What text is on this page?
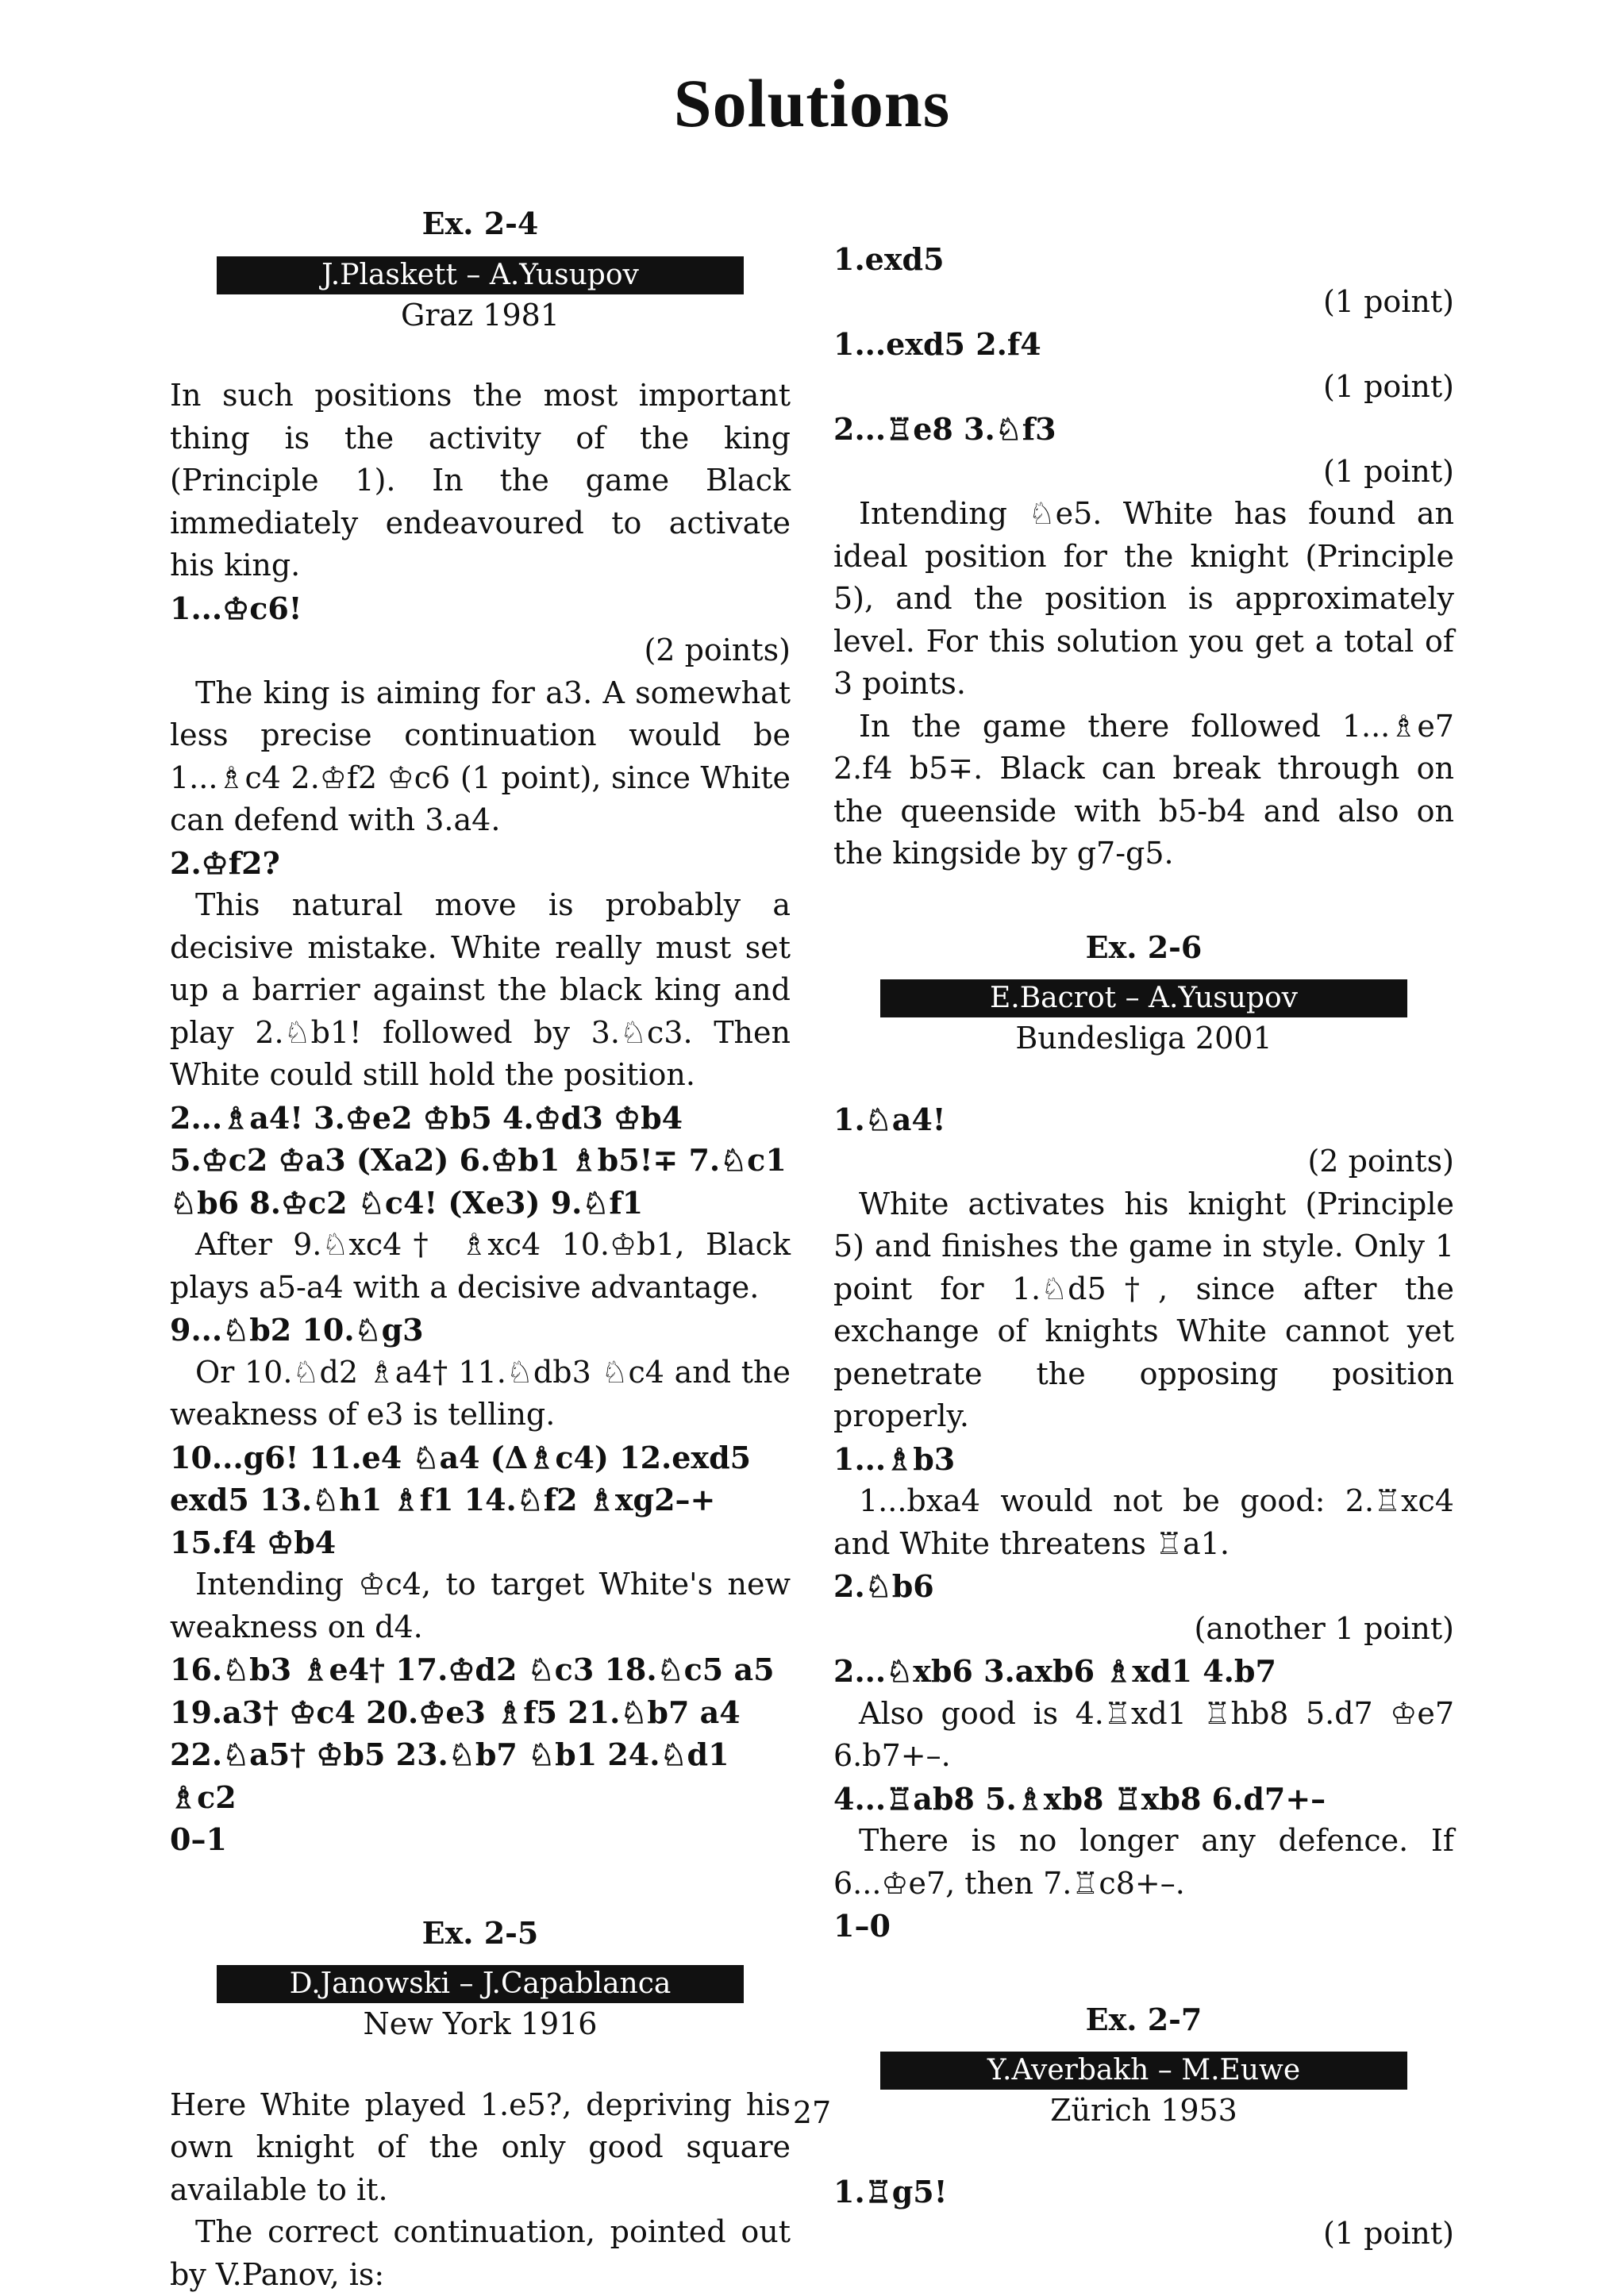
Solutions

Ex. 2-4

J.Plaskett – A.Yusupov

Graz 1981

In such positions the most important thing is the activity of the king (Principle 1). In the game Black immediately endeavoured to activate his king.

1...♔c6!

(2 points)

The king is aiming for a3. A somewhat less precise continuation would be 1...♗c4 2.♔f2 ♔c6 (1 point), since White can defend with 3.a4.

2.♔f2?

This natural move is probably a decisive mistake. White really must set up a barrier against the black king and play 2.♘b1! followed by 3.♘c3. Then White could still hold the position.

2...♗a4! 3.♔e2 ♔b5 4.♔d3 ♔b4 5.♔c2 ♔a3 (Xa2) 6.♔b1 ♗b5!∓ 7.♘c1 ♘b6 8.♔c2 ♘c4! (Xe3) 9.♘f1

After 9.♘xc4† ♗xc4 10.♔b1, Black plays a5-a4 with a decisive advantage.

9...♘b2 10.♘g3

Or 10.♘d2 ♗a4† 11.♘db3 ♘c4 and the weakness of e3 is telling.

10...g6! 11.e4 ♘a4 (Δ♗c4) 12.exd5 exd5 13.♘h1 ♗f1 14.♘f2 ♗xg2–+ 15.f4 ♔b4

Intending ♔c4, to target White's new weakness on d4.

16.♘b3 ♗e4† 17.♔d2 ♘c3 18.♘c5 a5 19.a3† ♔c4 20.♔e3 ♗f5 21.♘b7 a4 22.♘a5† ♔b5 23.♘b7 ♘b1 24.♘d1 ♗c2

0–1

Ex. 2-5

D.Janowski – J.Capablanca

New York 1916

Here White played 1.e5?, depriving his own knight of the only good square available to it.

The correct continuation, pointed out by V.Panov, is:

1.exd5

(1 point)

1...exd5 2.f4

(1 point)

2...♖e8 3.♘f3

(1 point)

Intending ♘e5. White has found an ideal position for the knight (Principle 5), and the position is approximately level. For this solution you get a total of 3 points.

In the game there followed 1...♗e7 2.f4 b5∓. Black can break through on the queenside with b5-b4 and also on the kingside by g7-g5.

Ex. 2-6

E.Bacrot – A.Yusupov

Bundesliga 2001

1.♘a4!

(2 points)

White activates his knight (Principle 5) and finishes the game in style. Only 1 point for 1.♘d5†, since after the exchange of knights White cannot yet penetrate the opposing position properly.

1...♗b3

1...bxa4 would not be good: 2.♖xc4 and White threatens ♖a1.

2.♘b6

(another 1 point)

2...♘xb6 3.axb6 ♗xd1 4.b7

Also good is 4.♖xd1 ♖hb8 5.d7 ♔e7 6.b7+–.

4...♖ab8 5.♗xb8 ♖xb8 6.d7+–

There is no longer any defence. If 6...♔e7, then 7.♖c8+–.

1–0

Ex. 2-7

Y.Averbakh – M.Euwe

Zürich 1953

1.♖g5!

(1 point)

27
